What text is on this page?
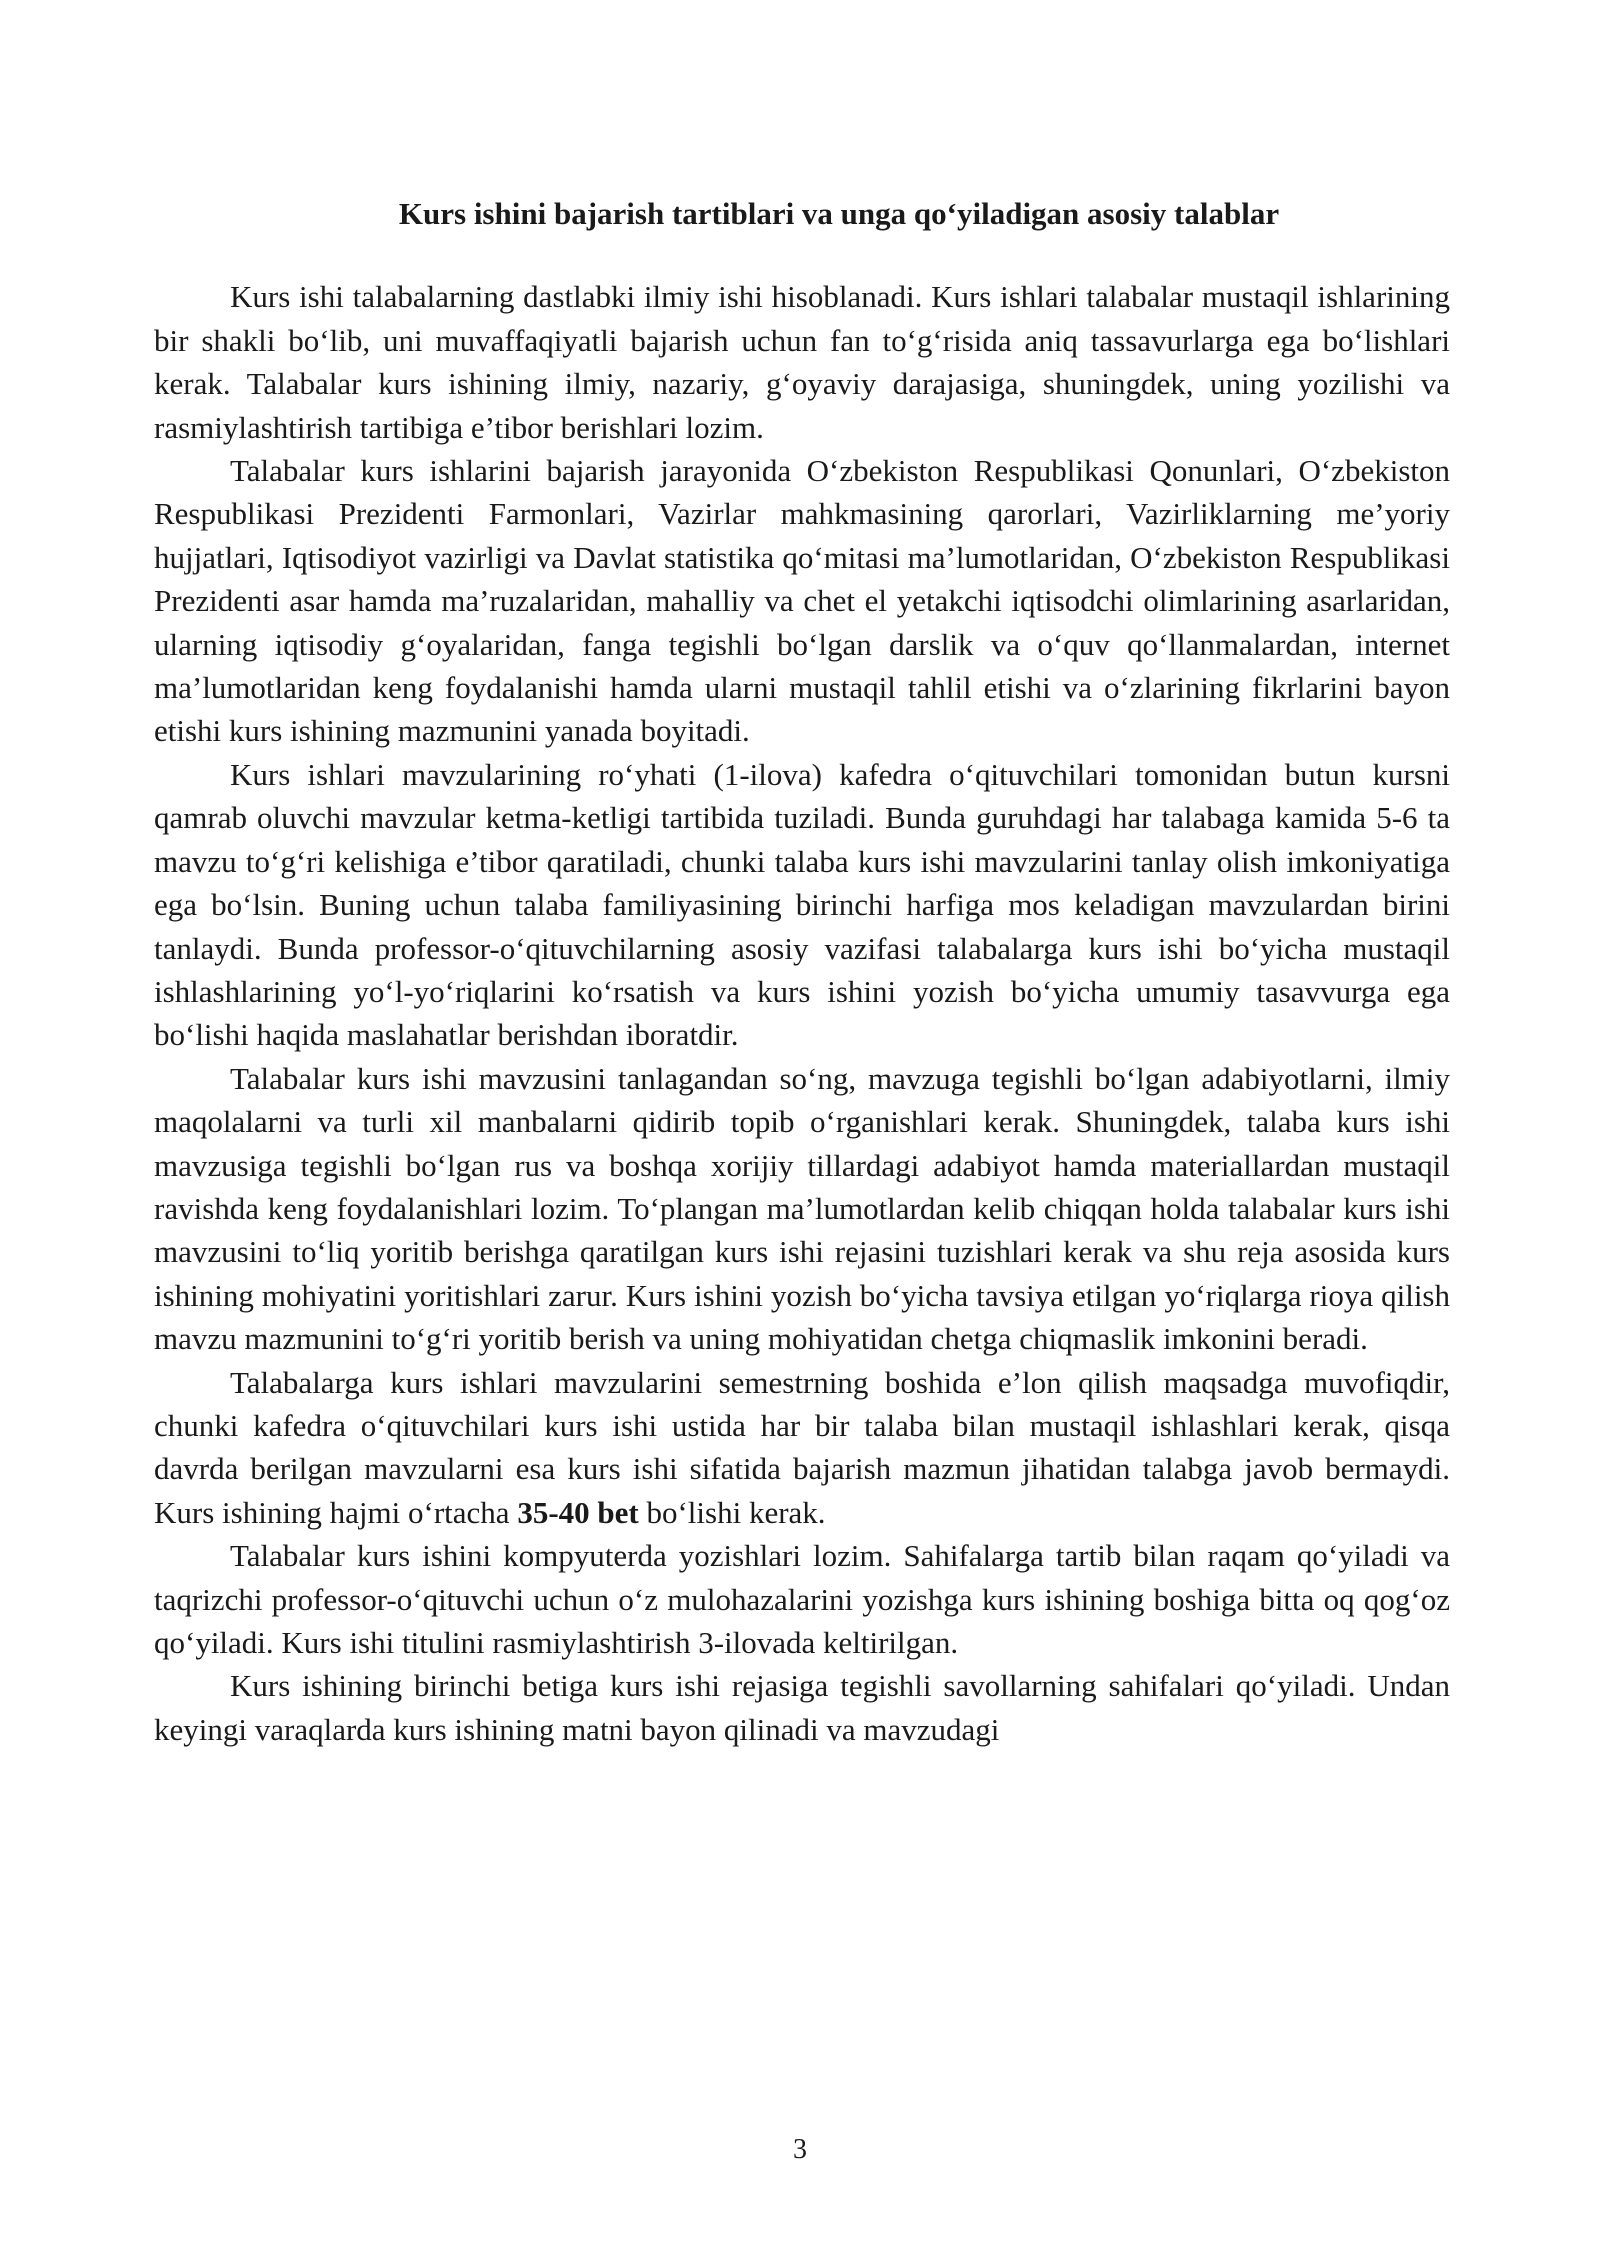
Kurs ishini bajarish tartiblari va unga qo‘yiladigan asosiy talablar

Kurs ishi talabalarning dastlabki ilmiy ishi hisoblanadi. Kurs ishlari talabalar mustaqil ishlarining bir shakli bo‘lib, uni muvaffaqiyatli bajarish uchun fan to‘g‘risida aniq tassavurlarga ega bo‘lishlari kerak. Talabalar kurs ishining ilmiy, nazariy, g‘oyaviy darajasiga, shuningdek, uning yozilishi va rasmiylashtirish tartibiga e’tibor berishlari lozim.

Talabalar kurs ishlarini bajarish jarayonida O‘zbekiston Respublikasi Qonunlari, O‘zbekiston Respublikasi Prezidenti Farmonlari, Vazirlar mahkmasining qarorlari, Vazirliklarning me’yoriy hujjatlari, Iqtisodiyot vazirligi va Davlat statistika qo‘mitasi ma’lumotlaridan, O‘zbekiston Respublikasi Prezidenti asar hamda ma’ruzalaridan, mahalliy va chet el yetakchi iqtisodchi olimlarining asarlaridan, ularning iqtisodiy g‘oyalaridan, fanga tegishli bo‘lgan darslik va o‘quv qo‘llanmalardan, internet ma’lumotlaridan keng foydalanishi hamda ularni mustaqil tahlil etishi va o‘zlarining fikrlarini bayon etishi kurs ishining mazmunini yanada boyitadi.

Kurs ishlari mavzularining ro‘yhati (1-ilova) kafedra o‘qituvchilari tomonidan butun kursni qamrab oluvchi mavzular ketma-ketligi tartibida tuziladi. Bunda guruhdagi har talabaga kamida 5-6 ta mavzu to‘g‘ri kelishiga e’tibor qaratiladi, chunki talaba kurs ishi mavzularini tanlay olish imkoniyatiga ega bo‘lsin. Buning uchun talaba familiyasining birinchi harfiga mos keladigan mavzulardan birini tanlaydi. Bunda professor-o‘qituvchilarning asosiy vazifasi talabalarga kurs ishi bo‘yicha mustaqil ishlashlarining yo‘l-yo‘riqlarini ko‘rsatish va kurs ishini yozish bo‘yicha umumiy tasavvurga ega bo‘lishi haqida maslahatlar berishdan iboratdir.

Talabalar kurs ishi mavzusini tanlagandan so‘ng, mavzuga tegishli bo‘lgan adabiyotlarni, ilmiy maqolalarni va turli xil manbalarni qidirib topib o‘rganishlari kerak. Shuningdek, talaba kurs ishi mavzusiga tegishli bo‘lgan rus va boshqa xorijiy tillardagi adabiyot hamda materiallardan mustaqil ravishda keng foydalanishlari lozim. To‘plangan ma’lumotlardan kelib chiqqan holda talabalar kurs ishi mavzusini to‘liq yoritib berishga qaratilgan kurs ishi rejasini tuzishlari kerak va shu reja asosida kurs ishining mohiyatini yoritishlari zarur. Kurs ishini yozish bo‘yicha tavsiya etilgan yo‘riqlarga rioya qilish mavzu mazmunini to‘g‘ri yoritib berish va uning mohiyatidan chetga chiqmaslik imkonini beradi.

Talabalarga kurs ishlari mavzularini semestrning boshida e’lon qilish maqsadga muvofiqdir, chunki kafedra o‘qituvchilari kurs ishi ustida har bir talaba bilan mustaqil ishlashlari kerak, qisqa davrda berilgan mavzularni esa kurs ishi sifatida bajarish mazmun jihatidan talabga javob bermaydi. Kurs ishining hajmi o‘rtacha 35-40 bet bo‘lishi kerak.

Talabalar kurs ishini kompyuterda yozishlari lozim. Sahifalarga tartib bilan raqam qo‘yiladi va taqrizchi professor-o‘qituvchi uchun o‘z mulohazalarini yozishga kurs ishining boshiga bitta oq qog‘oz qo‘yiladi. Kurs ishi titulini rasmiylashtirish 3-ilovada keltirilgan.

Kurs ishining birinchi betiga kurs ishi rejasiga tegishli savollarning sahifalari qo‘yiladi. Undan keyingi varaqlarda kurs ishining matni bayon qilinadi va mavzudagi

3
